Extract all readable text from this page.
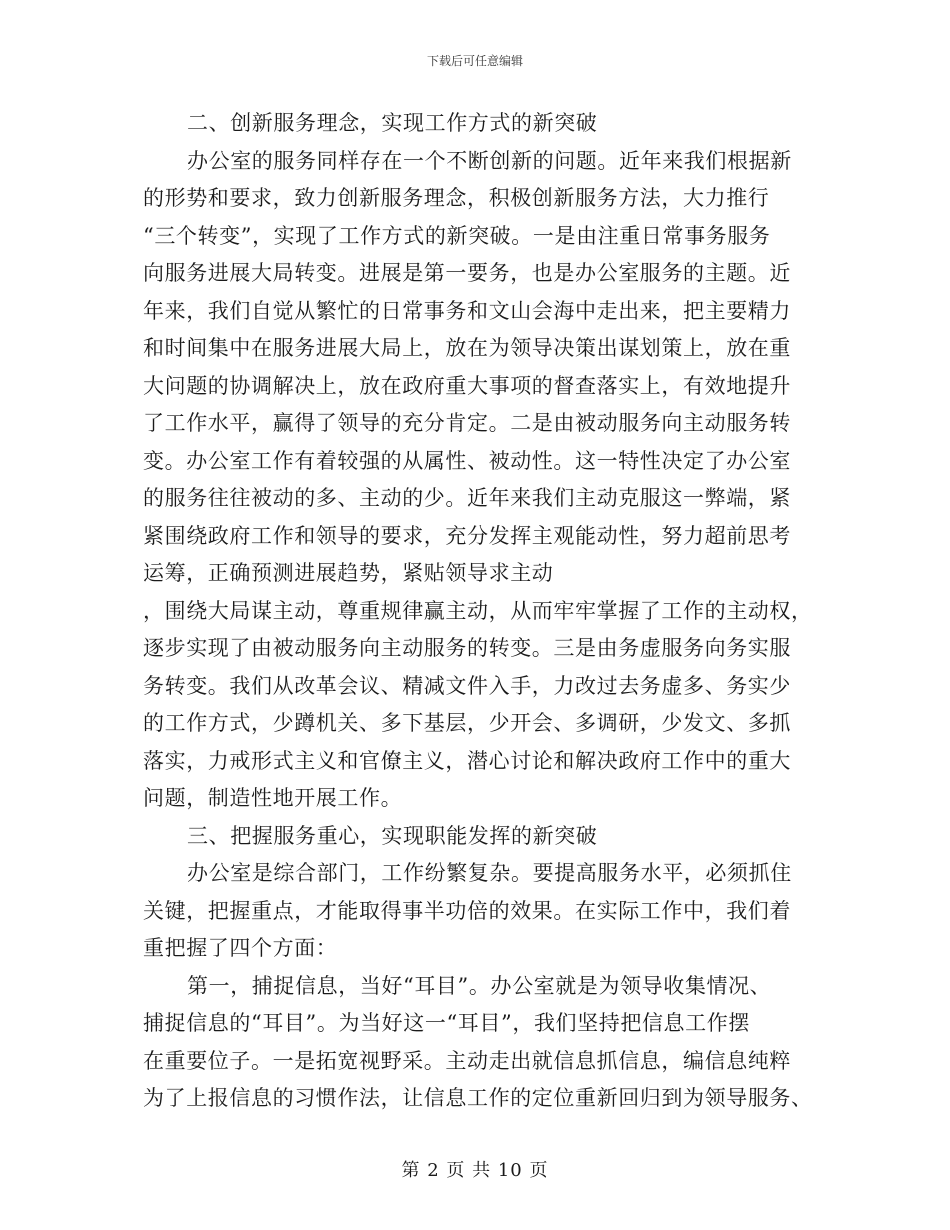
下载后可任意编辑
二、创新服务理念，实现工作方式的新突破
办公室的服务同样存在一个不断创新的问题。近年来我们根据新
的形势和要求，致力创新服务理念，积极创新服务方法，大力推行
“三个转变”，实现了工作方式的新突破。一是由注重日常事务服务
向服务进展大局转变。进展是第一要务，也是办公室服务的主题。近
年来，我们自觉从繁忙的日常事务和文山会海中走出来，把主要精力
和时间集中在服务进展大局上，放在为领导决策出谋划策上，放在重
大问题的协调解决上，放在政府重大事项的督查落实上，有效地提升
了工作水平，赢得了领导的充分肯定。二是由被动服务向主动服务转
变。办公室工作有着较强的从属性、被动性。这一特性决定了办公室
的服务往往被动的多、主动的少。近年来我们主动克服这一弊端，紧
紧围绕政府工作和领导的要求，充分发挥主观能动性，努力超前思考
运筹，正确预测进展趋势，紧贴领导求主动
，围绕大局谋主动，尊重规律赢主动，从而牢牢掌握了工作的主动权，
逐步实现了由被动服务向主动服务的转变。三是由务虚服务向务实服
务转变。我们从改革会议、精减文件入手，力改过去务虚多、务实少
的工作方式，少蹲机关、多下基层，少开会、多调研，少发文、多抓
落实，力戒形式主义和官僚主义，潜心讨论和解决政府工作中的重大
问题，制造性地开展工作。
三、把握服务重心，实现职能发挥的新突破
办公室是综合部门，工作纷繁复杂。要提高服务水平，必须抓住
关键，把握重点，才能取得事半功倍的效果。在实际工作中，我们着
重把握了四个方面：
第一，捕捉信息，当好“耳目”。办公室就是为领导收集情况、
捕捉信息的“耳目”。为当好这一“耳目”，我们坚持把信息工作摆
在重要位子。一是拓宽视野采。主动走出就信息抓信息，编信息纯粹
为了上报信息的习惯作法，让信息工作的定位重新回归到为领导服务、
第 2 页 共 10 页
